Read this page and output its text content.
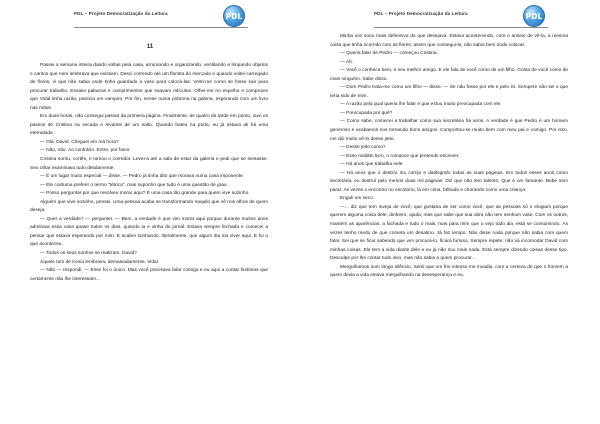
PDL – Projeto Democratização da Leitura	PDL
11

Passei a semana inteira dando voltas pela casa, arrumando e organizando, ventilando e limpando objetos e cantos que nem lembrava que existiam. Desci correndo até um florista do mercado e quando voltei carregado de flores, vi que não sabia onde tinha guardado o vaso para colocá-las. Vesti-me como se fosse sair para procurar trabalho. Ensaiei palavras e cumprimentos que soavam ridículos. Olhei-me no espelho e comprovei que Vidal tinha razão, parecia um vampiro. Por fim, sentei numa poltrona na galeria, esperando com um livro nas mãos.

Em duas horas, não consegui passar da primeira página. Finalmente, às quatro da tarde em ponto, ouvi os passos de Cristina na escada e levantei de um salto. Quando bateu na porta, eu já estava ali há uma eternidade.

— Olá, David. Cheguei em má hora?

— Não, não. Ao contrário. Entre, por favor.

Cristina sorriu, cortês, e tomou o corredor. Levei-a até a sala de estar da galeria e pedi que se sentasse. Seu olhar examinava tudo detidamente.

— É um lugar muito especial — disse. — Pedro já tinha dito que morava numa casa imponente.

— Ele costuma preferir o termo "tétrica", mas suponho que tudo é uma questão de grau.

— Posso perguntar por que resolveu morar aqui? É uma casa tão grande para quem vive sozinho.

Alguém que vive sozinho, pensei. Uma pessoa acaba se transformando naquilo que vê nos olhos de quem deseja.

— Quer a verdade? — perguntei. — Bem, a verdade é que vim morar aqui porque durante muitos anos admirava essa casa quase todos os dias, quando ia e vinha do jornal. Estava sempre fechada e comecei a pensar que estava esperando por mim. E acabei sonhando, literalmente, que algum dia iria viver aqui. E foi o que aconteceu.

— Todos os seus sonhos se realizam, David?

Aquele tom de ironia lembrava, demasiadamente, Vidal.

— Não — respondi. — Esse foi o único. Mas você precisava falar comigo e eu aqui a contar histórias que certamente não lhe interessam...

PDL – Projeto Democratização da Leitura	PDL

Minha voz soou mais defensiva do que desejava. Estava acontecendo, com o anseio de vê-la, a mesma coisa que tinha ocorrido com as flores: assim que consegui-la, não sabia bem onde colocar.

— Queria falar de Pedro — começou Cristina.

— Ah.

— Você o conhece bem, é seu melhor amigo. E ele fala de você como de um filho. Gosta de você como de mais ninguém. Sabe disso.

— Dom Pedro trata-me como um filho — disse. — Se não fosse por ele e pelo Sr. Sempere não sei o que teria sido de mim.

— A razão pela qual queria lhe falar é que estou muito preocupada com ele.

— Preocupada por quê?

— Como sabe, comecei a trabalhar como sua secretária há anos. A verdade é que Pedro é um homem generoso e acabamos nos tornando bons amigos. Comportou-se muito bem com meu pai e comigo. Por isso, me dói muito vê-lo desse jeito.

— Desse jeito como?

— Esse maldito livro, o romance que pretende escrever.

— Há anos que trabalha nele.

— Há anos que o destrói. Eu corrijo e datilografo todas as suas páginas. Em todos esses anos como secretária, eu destruí pelo menos duas mil páginas. Diz que não tem talento. Que é um farsante. Bebe sem parar. Às vezes o encontro no escritório, lá em cima, bêbado e chorando como uma criança.

Engoli em seco.

—... diz que tem inveja de você, que gostaria de ser como você, que as pessoas só o elogiam porque querem alguma coisa dele, dinheiro, ajuda, mas que sabe que sua obra não tem nenhum valor. Com os outros, mantém as aparências, a fachada e tudo o mais, mas para mim que o vejo todo dia, está se consumindo. Às vezes tenho medo de que cometa um desatino. Já faz tempo. Não disse nada porque não sabia com quem falar. Sei que se ficar sabendo que vim procurá-lo, ficará furioso. Sempre repete: não vá incomodar David com minhas coisas. Ele tem a vida diante dele e eu já não sou mais nada. Está sempre dizendo coisas desse tipo. Desculpe por lhe contar tudo isso, mas não sabia a quem procurar...

Mergulhamos num longo silêncio. Senti que um frio intenso me invadia, com a certeza de que o homem a quem devia a vida estava mergulhando na desesperança e eu,
